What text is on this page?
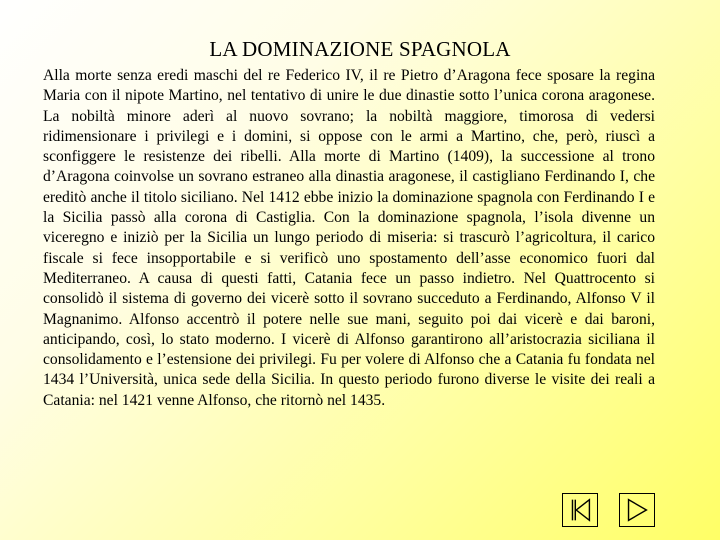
LA DOMINAZIONE SPAGNOLA

Alla morte senza eredi maschi del re Federico IV, il re Pietro d’Aragona fece sposare la regina Maria con il nipote Martino, nel tentativo di unire le due dinastie sotto l’unica corona aragonese. La nobiltà minore aderì al nuovo sovrano; la nobiltà maggiore, timorosa di vedersi ridimensionare i privilegi e i domini, si oppose con le armi a Martino, che, però, riuscì a sconfiggere le resistenze dei ribelli. Alla morte di Martino (1409), la successione al trono d’Aragona coinvolse un sovrano estraneo alla dinastia aragonese, il castigliano Ferdinando I, che ereditò anche il titolo siciliano. Nel 1412 ebbe inizio la dominazione spagnola con Ferdinando I e la Sicilia passò alla corona di Castiglia. Con la dominazione spagnola, l’isola divenne un viceregno e iniziò per la Sicilia un lungo periodo di miseria: si trascurò l’agricoltura, il carico fiscale si fece insopportabile e si verificò uno spostamento dell’asse economico fuori dal Mediterraneo. A causa di questi fatti, Catania fece un passo indietro. Nel Quattrocento si consolidò il sistema di governo dei vicerè sotto il sovrano succeduto a Ferdinando, Alfonso V il Magnanimo. Alfonso accentrò il potere nelle sue mani, seguito poi dai vicerè e dai baroni, anticipando, così, lo stato moderno. I vicerè di Alfonso garantirono all’aristocrazia siciliana il consolidamento e l’estensione dei privilegi. Fu per volere di Alfonso che a Catania fu fondata nel 1434 l’Università, unica sede della Sicilia. In questo periodo furono diverse le visite dei reali a Catania: nel 1421 venne Alfonso, che ritornò nel 1435.
